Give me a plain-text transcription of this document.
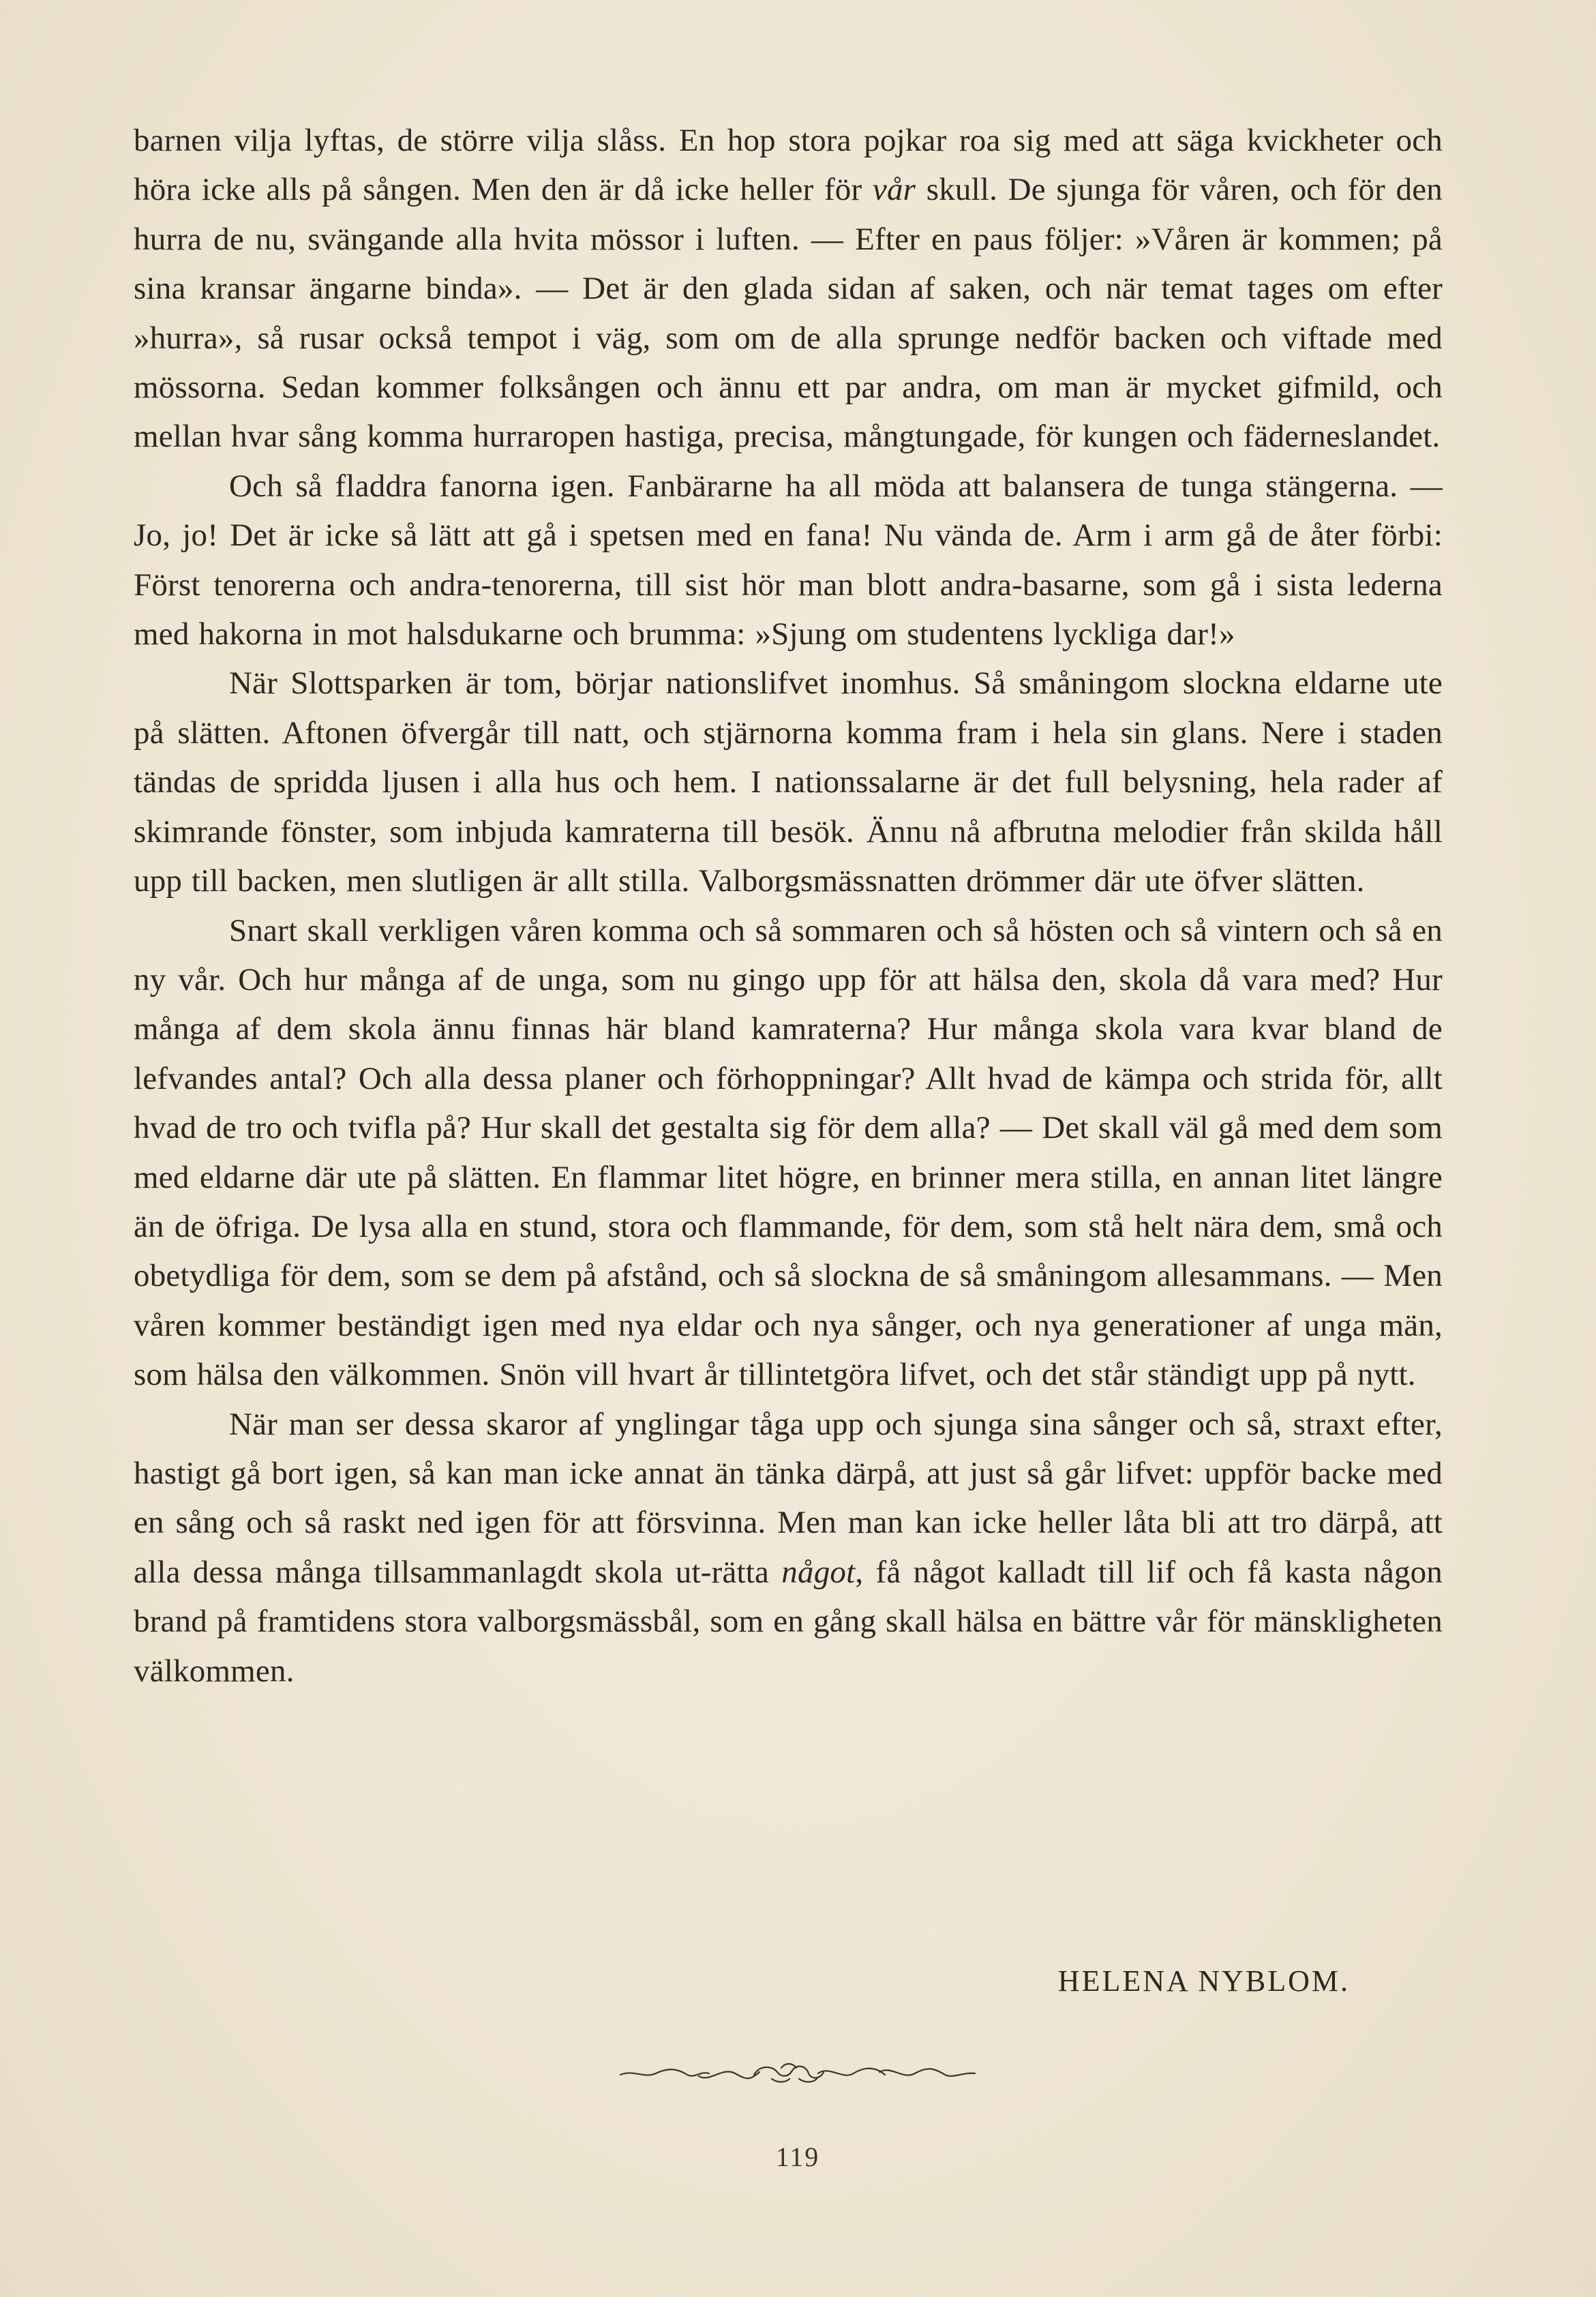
barnen vilja lyftas, de större vilja slåss. En hop stora pojkar roa sig med att säga kvickheter och höra icke alls på sången. Men den är då icke heller för vår skull. De sjunga för våren, och för den hurra de nu, svängande alla hvita mössor i luften. — Efter en paus följer: »Våren är kommen; på sina kransar ängarne binda». — Det är den glada sidan af saken, och när temat tages om efter »hurra», så rusar också tempot i väg, som om de alla sprunge nedför backen och viftade med mössorna. Sedan kommer folksången och ännu ett par andra, om man är mycket gifmild, och mellan hvar sång komma hurraropen hastiga, precisa, mångtungade, för kungen och fäderneslandet.

Och så fladdra fanorna igen. Fanbärarne ha all möda att balansera de tunga stängerna. — Jo, jo! Det är icke så lätt att gå i spetsen med en fana! Nu vända de. Arm i arm gå de åter förbi: Först tenorerna och andra-tenorerna, till sist hör man blott andra-basarne, som gå i sista lederna med hakorna in mot halsdukarne och brumma: »Sjung om studentens lyckliga dar!»

När Slottsparken är tom, börjar nationslifvet inomhus. Så småningom slockna eldarne ute på slätten. Aftonen öfvergår till natt, och stjärnorna komma fram i hela sin glans. Nere i staden tändas de spridda ljusen i alla hus och hem. I nationssalarne är det full belysning, hela rader af skimrande fönster, som inbjuda kamraterna till besök. Ännu nå afbrutna melodier från skilda håll upp till backen, men slutligen är allt stilla. Valborgsmässnatten drömmer där ute öfver slätten.

Snart skall verkligen våren komma och så sommaren och så hösten och så vintern och så en ny vår. Och hur många af de unga, som nu gingo upp för att hälsa den, skola då vara med? Hur många af dem skola ännu finnas här bland kamraterna? Hur många skola vara kvar bland de lefvandes antal? Och alla dessa planer och förhoppningar? Allt hvad de kämpa och strida för, allt hvad de tro och tvifla på? Hur skall det gestalta sig för dem alla? — Det skall väl gå med dem som med eldarne där ute på slätten. En flammar litet högre, en brinner mera stilla, en annan litet längre än de öfriga. De lysa alla en stund, stora och flammande, för dem, som stå helt nära dem, små och obetydliga för dem, som se dem på afstånd, och så slockna de så småningom allesammans. — Men våren kommer beständigt igen med nya eldar och nya sånger, och nya generationer af unga män, som hälsa den välkommen. Snön vill hvart år tillintetgöra lifvet, och det står ständigt upp på nytt.

När man ser dessa skaror af ynglingar tåga upp och sjunga sina sånger och så, straxt efter, hastigt gå bort igen, så kan man icke annat än tänka därpå, att just så går lifvet: uppför backe med en sång och så raskt ned igen för att försvinna. Men man kan icke heller låta bli att tro därpå, att alla dessa många tillsammanlagdt skola ut-rätta något, få något kalladt till lif och få kasta någon brand på framtidens stora valborgsmässbål, som en gång skall hälsa en bättre vår för mänskligheten välkommen.

HELENA NYBLOM.
119
